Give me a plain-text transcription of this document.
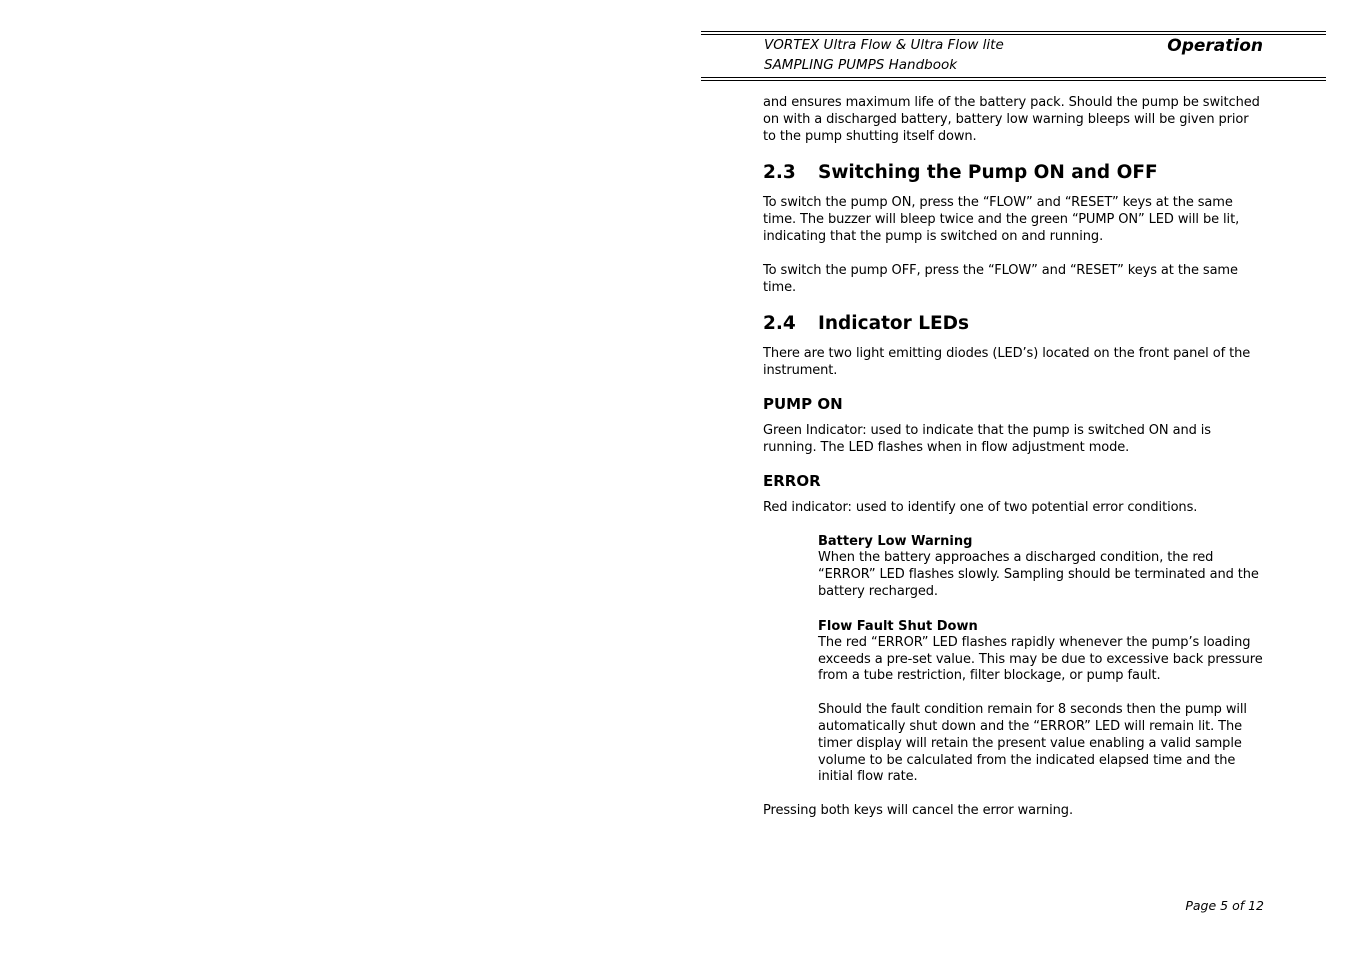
VORTEX Ultra Flow & Ultra Flow lite
SAMPLING PUMPS Handbook
Operation

and ensures maximum life of the battery pack. Should the pump be switched on with a discharged battery, battery low warning bleeps will be given prior to the pump shutting itself down.

2.3 Switching the Pump ON and OFF

To switch the pump ON, press the “FLOW” and “RESET” keys at the same time. The buzzer will bleep twice and the green “PUMP ON” LED will be lit, indicating that the pump is switched on and running.

To switch the pump OFF, press the “FLOW” and “RESET” keys at the same time.

2.4 Indicator LEDs

There are two light emitting diodes (LED’s) located on the front panel of the instrument.

PUMP ON

Green Indicator: used to indicate that the pump is switched ON and is running. The LED flashes when in flow adjustment mode.

ERROR

Red indicator: used to identify one of two potential error conditions.

Battery Low Warning

When the battery approaches a discharged condition, the red “ERROR” LED flashes slowly. Sampling should be terminated and the battery recharged.

Flow Fault Shut Down

The red “ERROR” LED flashes rapidly whenever the pump’s loading exceeds a pre-set value. This may be due to excessive back pressure from a tube restriction, filter blockage, or pump fault.

Should the fault condition remain for 8 seconds then the pump will automatically shut down and the “ERROR” LED will remain lit. The timer display will retain the present value enabling a valid sample volume to be calculated from the indicated elapsed time and the initial flow rate.

Pressing both keys will cancel the error warning.

Page 5 of 12
